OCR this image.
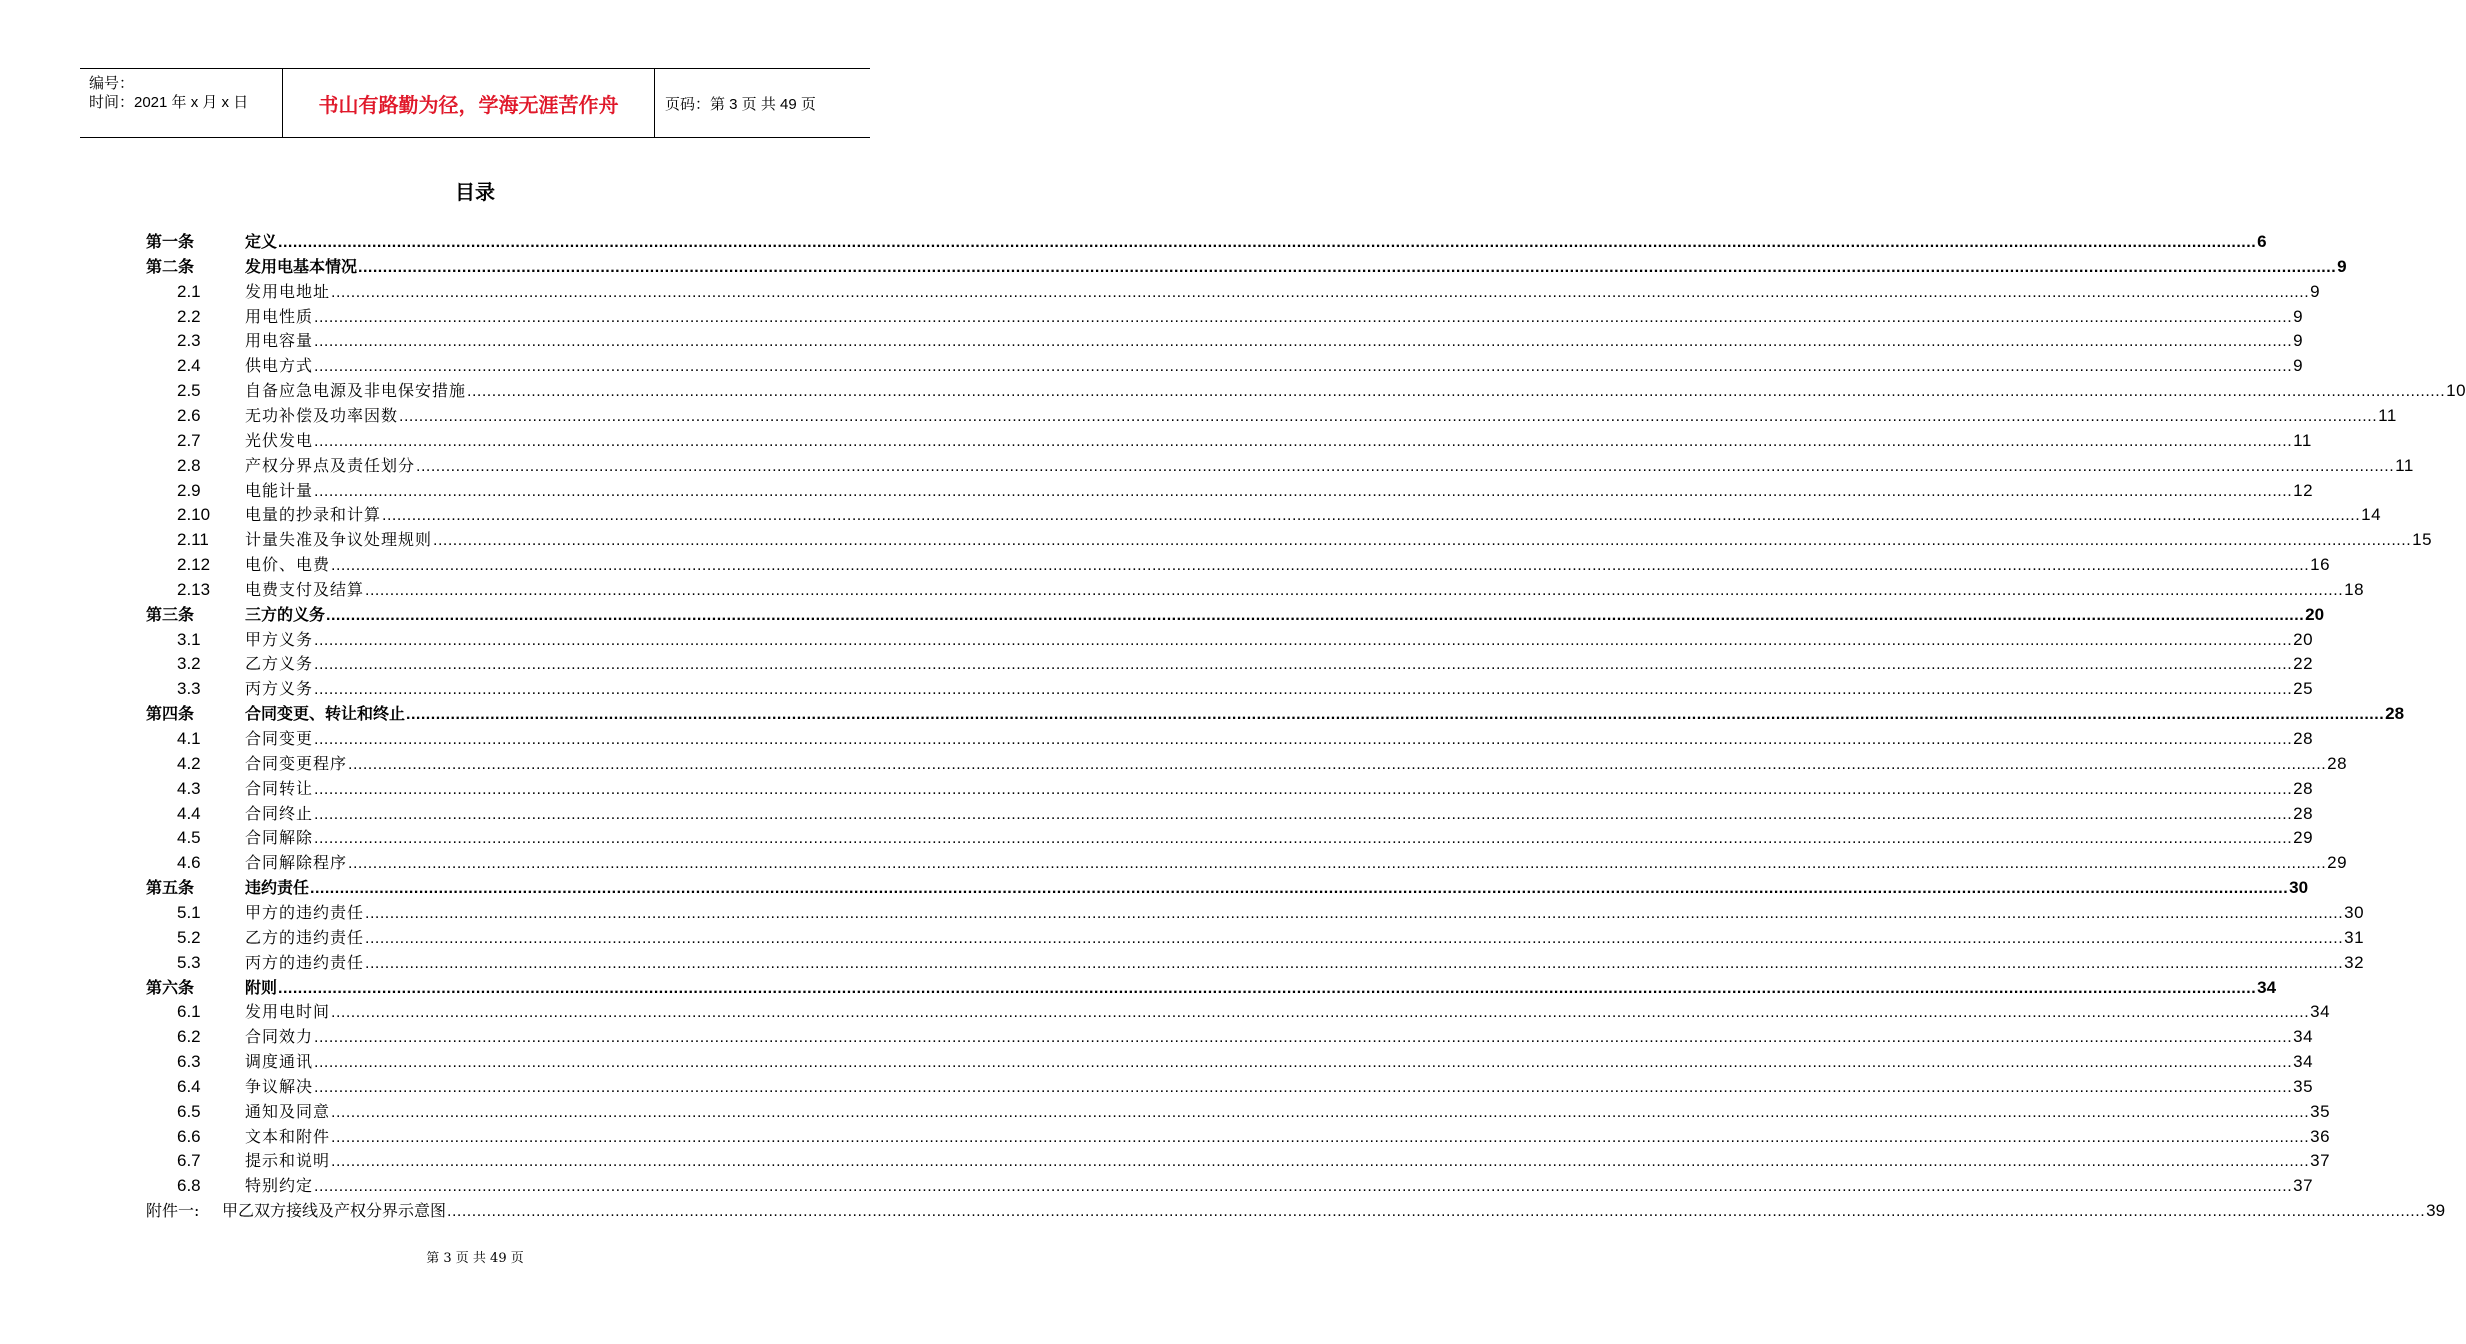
编号：
时间：2021 年 x 月 x 日	书山有路勤为径，学海无涯苦作舟	页码：第 3 页 共 49 页
目录
第一条	定义 ................................................................................................................................................................................................................................................................................................................................................................................................................ 6
第二条	发用电基本情况 ................................................................................................................................................................................................................................................................................................................................................................................................................ 9
2.1	发用电地址 ................................................................................................................................................................................................................................................................................................................................................................................................................ 9
2.2	用电性质 ................................................................................................................................................................................................................................................................................................................................................................................................................ 9
2.3	用电容量 ................................................................................................................................................................................................................................................................................................................................................................................................................ 9
2.4	供电方式 ................................................................................................................................................................................................................................................................................................................................................................................................................ 9
2.5	自备应急电源及非电保安措施 ................................................................................................................................................................................................................................................................................................................................................................................................................ 10
2.6	无功补偿及功率因数 ................................................................................................................................................................................................................................................................................................................................................................................................................ 11
2.7	光伏发电 ................................................................................................................................................................................................................................................................................................................................................................................................................ 11
2.8	产权分界点及责任划分 ................................................................................................................................................................................................................................................................................................................................................................................................................ 11
2.9	电能计量 ................................................................................................................................................................................................................................................................................................................................................................................................................ 12
2.10 电量的抄录和计算 ................................................................................................................................................................................................................................................................................................................................................................................................................ 14
2.11 计量失准及争议处理规则 ................................................................................................................................................................................................................................................................................................................................................................................................................ 15
2.12 电价、电费 ................................................................................................................................................................................................................................................................................................................................................................................................................ 16
2.13 电费支付及结算 ................................................................................................................................................................................................................................................................................................................................................................................................................ 18
第三条	三方的义务 ................................................................................................................................................................................................................................................................................................................................................................................................................ 20
3.1	甲方义务 ................................................................................................................................................................................................................................................................................................................................................................................................................ 20
3.2	乙方义务 ................................................................................................................................................................................................................................................................................................................................................................................................................ 22
3.3	丙方义务 ................................................................................................................................................................................................................................................................................................................................................................................................................ 25
第四条	合同变更、转让和终止 ................................................................................................................................................................................................................................................................................................................................................................................................................ 28
4.1	合同变更 ................................................................................................................................................................................................................................................................................................................................................................................................................ 28
4.2	合同变更程序 ................................................................................................................................................................................................................................................................................................................................................................................................................ 28
4.3	合同转让 ................................................................................................................................................................................................................................................................................................................................................................................................................ 28
4.4	合同终止 ................................................................................................................................................................................................................................................................................................................................................................................................................ 28
4.5	合同解除 ................................................................................................................................................................................................................................................................................................................................................................................................................ 29
4.6	合同解除程序 ................................................................................................................................................................................................................................................................................................................................................................................................................ 29
第五条	违约责任 ................................................................................................................................................................................................................................................................................................................................................................................................................ 30
5.1	甲方的违约责任 ................................................................................................................................................................................................................................................................................................................................................................................................................ 30
5.2	乙方的违约责任 ................................................................................................................................................................................................................................................................................................................................................................................................................ 31
5.3	丙方的违约责任 ................................................................................................................................................................................................................................................................................................................................................................................................................ 32
第六条	附则 ................................................................................................................................................................................................................................................................................................................................................................................................................ 34
6.1	发用电时间 ................................................................................................................................................................................................................................................................................................................................................................................................................ 34
6.2	合同效力 ................................................................................................................................................................................................................................................................................................................................................................................................................ 34
6.3	调度通讯 ................................................................................................................................................................................................................................................................................................................................................................................................................ 34
6.4	争议解决 ................................................................................................................................................................................................................................................................................................................................................................................................................ 35
6.5	通知及同意 ................................................................................................................................................................................................................................................................................................................................................................................................................ 35
6.6	文本和附件 ................................................................................................................................................................................................................................................................................................................................................................................................................ 36
6.7	提示和说明 ................................................................................................................................................................................................................................................................................................................................................................................................................ 37
6.8	特别约定 ................................................................................................................................................................................................................................................................................................................................................................................................................ 37
附件一: 甲乙双方接线及产权分界示意图 ................................................................................................................................................................................................................................................................................................................................................................................................................ 39
第 3 页 共 49 页
